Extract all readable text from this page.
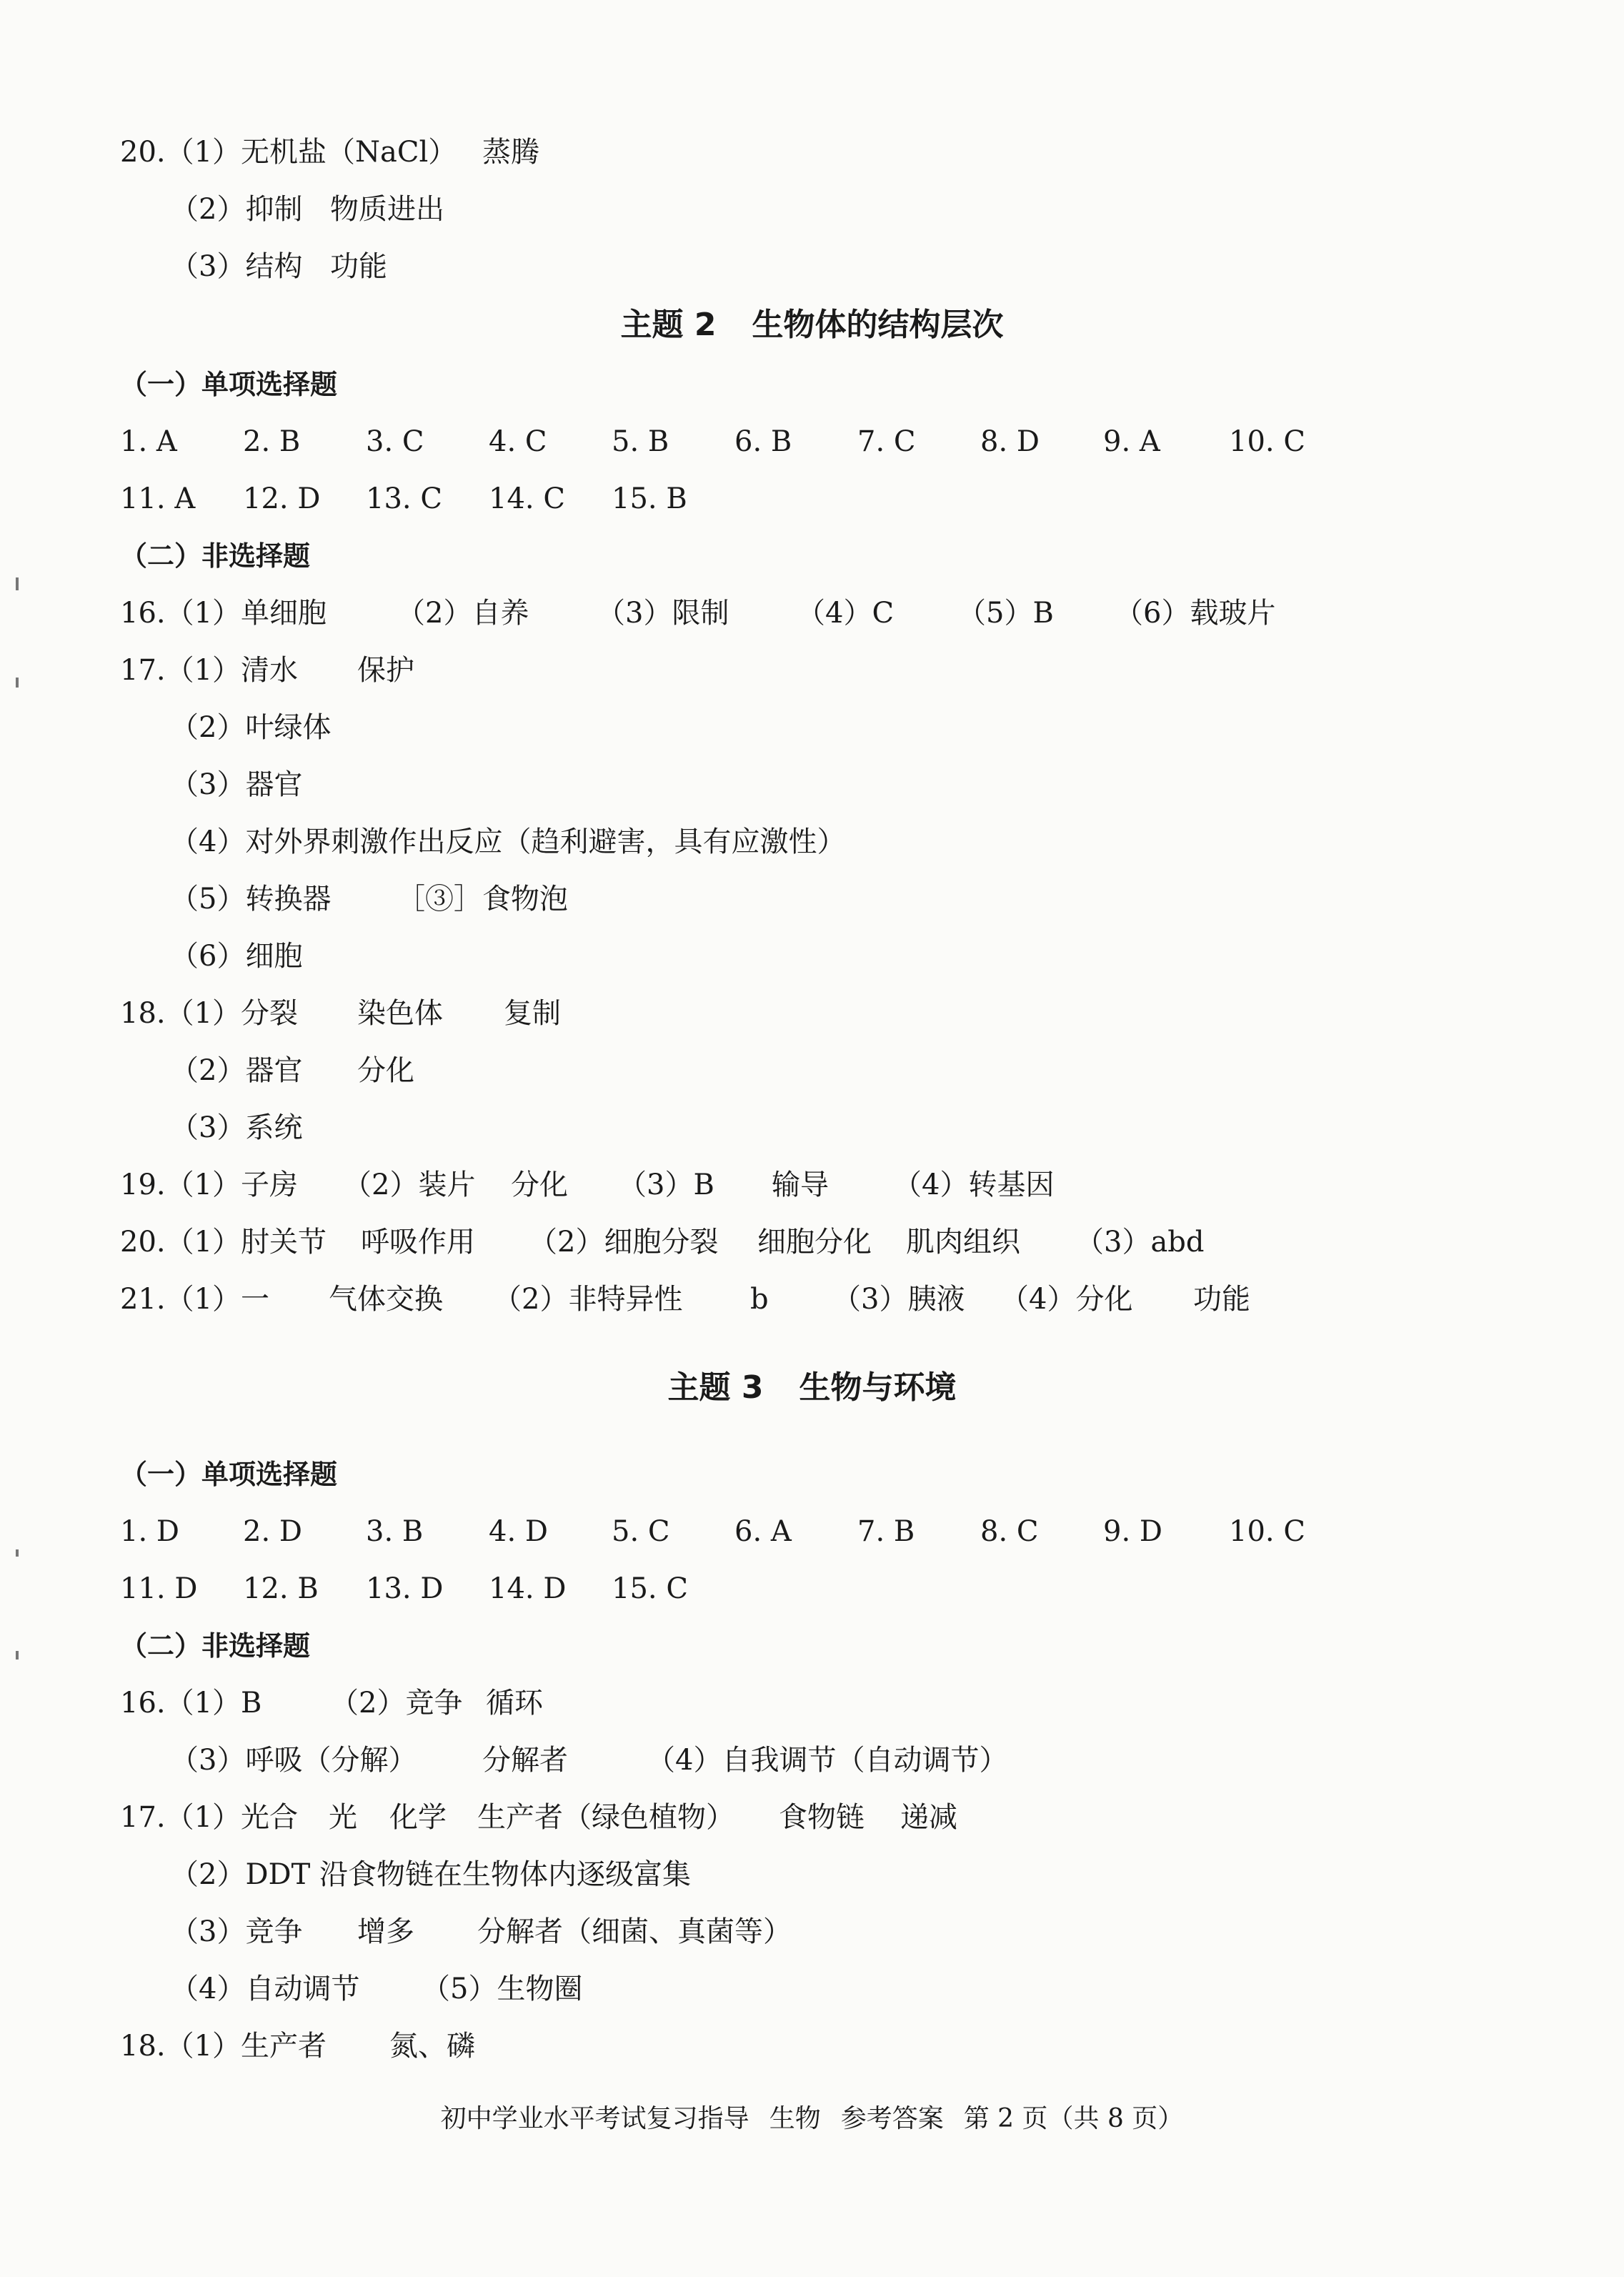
20.（1）无机盐（NaCl） 蒸腾
（2）抑制 物质进出
（3）结构 功能
主题 2 生物体的结构层次
（一）单项选择题
1. A 2. B 3. C 4. C 5. B 6. B 7. C 8. D 9. A 10. C
11. A 12. D 13. C 14. C 15. B
（二）非选择题
16.（1）单细胞 （2）自养 （3）限制 （4）C （5）B （6）载玻片
17.（1）清水 保护
（2）叶绿体
（3）器官
（4）对外界刺激作出反应（趋利避害，具有应激性）
（5）转换器 ［③］食物泡
（6）细胞
18.（1）分裂 染色体 复制
（2）器官 分化
（3）系统
19.（1）子房 （2）装片 分化 （3）B 输导 （4）转基因
20.（1）肘关节 呼吸作用 （2）细胞分裂 细胞分化 肌肉组织 （3）abd
21.（1）一 气体交换 （2）非特异性 b （3）胰液 （4）分化 功能
主题 3 生物与环境
（一）单项选择题
1. D 2. D 3. B 4. D 5. C 6. A 7. B 8. C 9. D 10. C
11. D 12. B 13. D 14. D 15. C
（二）非选择题
16.（1）B （2）竞争 循环
（3）呼吸（分解） 分解者	（4）自我调节（自动调节）
17.（1）光合 光 化学 生产者（绿色植物） 食物链 递减
（2）DDT 沿食物链在生物体内逐级富集
（3）竞争 增多 分解者（细菌、真菌等）
（4）自动调节 （5）生物圈
18.（1）生产者 氮、磷
初中学业水平考试复习指导 生物 参考答案 第 2 页（共 8 页）
